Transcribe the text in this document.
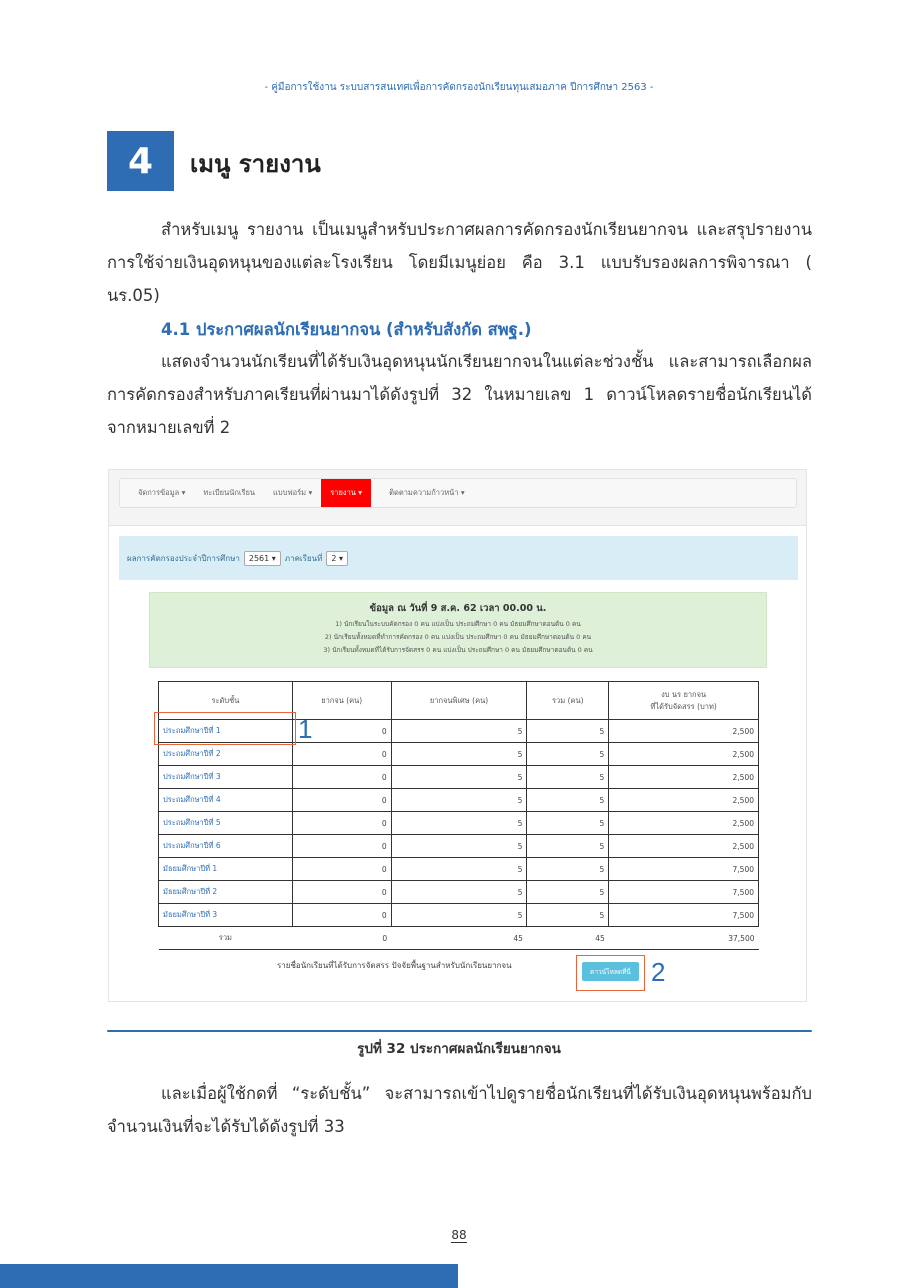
- คู่มือการใช้งาน ระบบสารสนเทศเพื่อการคัดกรองนักเรียนทุนเสมอภาค ปีการศึกษา 2563 -
4	เมนู รายงาน

สำหรับเมนู รายงาน เป็นเมนูสำหรับประกาศผลการคัดกรองนักเรียนยากจน และสรุปรายงานการใช้จ่ายเงินอุดหนุนของแต่ละโรงเรียน โดยมีเมนูย่อย คือ 3.1 แบบรับรองผลการพิจารณา ( นร.05)

4.1 ประกาศผลนักเรียนยากจน (สำหรับสังกัด สพฐ.)

แสดงจำนวนนักเรียนที่ได้รับเงินอุดหนุนนักเรียนยากจนในแต่ละช่วงชั้น และสามารถเลือกผลการคัดกรองสำหรับภาคเรียนที่ผ่านมาได้ดังรูปที่ 32 ในหมายเลข 1 ดาวน์โหลดรายชื่อนักเรียนได้จากหมายเลขที่ 2

จัดการข้อมูล ▾ ทะเบียนนักเรียน แบบฟอร์ม ▾	รายงาน ▾	ติดตามความก้าวหน้า ▾
ผลการคัดกรองประจำปีการศึกษา	2561 ▾	ภาคเรียนที่	2 ▾
ข้อมูล ณ วันที่ 9 ส.ค. 62 เวลา 00.00 น.
1) นักเรียนในระบบคัดกรอง 0 คน แบ่งเป็น ประถมศึกษา 0 คน มัธยมศึกษาตอนต้น 0 คน
2) นักเรียนทั้งหมดที่ทำการคัดกรอง 0 คน แบ่งเป็น ประถมศึกษา 0 คน มัธยมศึกษาตอนต้น 0 คน
3) นักเรียนทั้งหมดที่ได้รับการจัดสรร 0 คน แบ่งเป็น ประถมศึกษา 0 คน มัธยมศึกษาตอนต้น 0 คน
ระดับชั้น	ยากจน (คน)	ยากจนพิเศษ (คน)	รวม (คน)	งบ นร ยากจน
ที่ได้รับจัดสรร (บาท)
ประถมศึกษาปีที่ 1	0	5	5	2,500
ประถมศึกษาปีที่ 2	0	5	5	2,500
ประถมศึกษาปีที่ 3	0	5	5	2,500
ประถมศึกษาปีที่ 4	0	5	5	2,500
ประถมศึกษาปีที่ 5	0	5	5	2,500
ประถมศึกษาปีที่ 6	0	5	5	2,500
มัธยมศึกษาปีที่ 1	0	5	5	7,500
มัธยมศึกษาปีที่ 2	0	5	5	7,500
มัธยมศึกษาปีที่ 3	0	5	5	7,500
รวม	0	45	45	37,500
1
รายชื่อนักเรียนที่ได้รับการจัดสรร ปัจจัยพื้นฐานสำหรับนักเรียนยากจน
ดาวน์โหลดที่นี่ 2
รูปที่ 32 ประกาศผลนักเรียนยากจน

และเมื่อผู้ใช้กดที่ “ระดับชั้น” จะสามารถเข้าไปดูรายชื่อนักเรียนที่ได้รับเงินอุดหนุนพร้อมกับจำนวนเงินที่จะได้รับได้ดังรูปที่ 33

88
